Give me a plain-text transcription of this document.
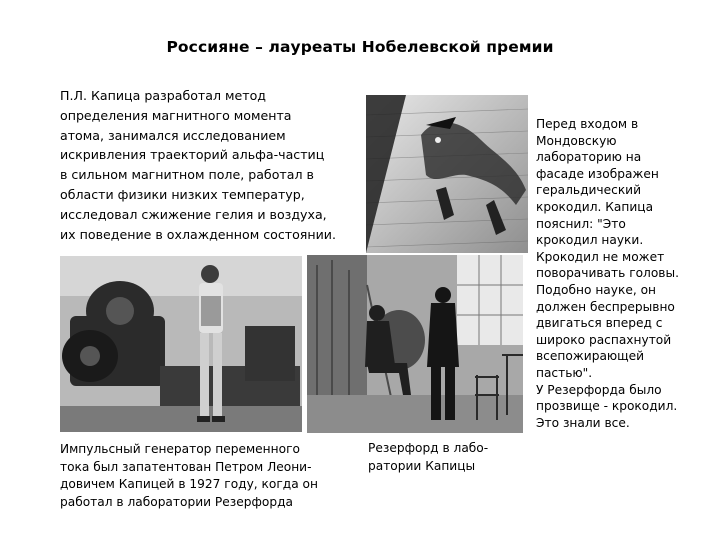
Россияне – лауреаты Нобелевской премии
П.Л. Капица разработал метод
определения магнитного момента
атома, занимался исследованием
искривления траекторий альфа-частиц
в сильном магнитном поле, работал в
области физики низких температур,
исследовал сжижение гелия и воздуха,
их поведение в охлажденном состоянии.
Перед входом в
Мондовскую
лабораторию на
фасаде изображен
геральдический
крокодил. Капица
пояснил: "Это
крокодил науки.
Крокодил не может
поворачивать головы.
Подобно науке, он
должен беспрерывно
двигаться вперед с
широко распахнутой
всепожирающей
пастью".
У Резерфорда было
прозвище - крокодил.
Это знали все.
Импульсный генератор переменного
тока был запатентован Петром Леони-
довичем Капицей в 1927 году, когда он
работал в лаборатории Резерфорда
Резерфорд в лабо-
ратории Капицы
